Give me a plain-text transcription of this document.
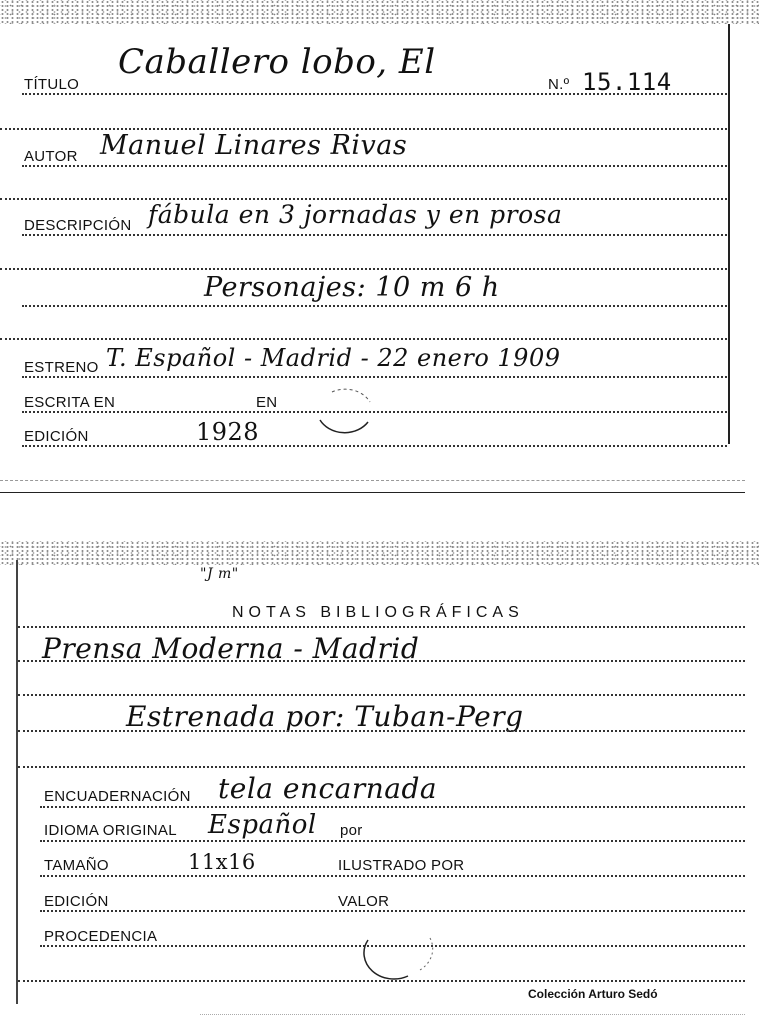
TÍTULO
Caballero lobo, El
N.º 15.114
AUTOR Manuel Linares Rivas
DESCRIPCIÓN fábula en 3 jornadas y en prosa
Personajes: 10 m 6 h
ESTRENO T. Español - Madrid - 22 enero 1909
ESCRITA EN	EN
EDICIÓN	1928
"J m"
NOTAS BIBLIOGRÁFICAS
Prensa Moderna - Madrid
Estrenada por: Tuban-Perg
ENCUADERNACIÓN tela encarnada
IDIOMA ORIGINAL Español por
TAMAÑO	11x16	ILUSTRADO POR
EDICIÓN	VALOR
PROCEDENCIA
Colección Arturo Sedó
